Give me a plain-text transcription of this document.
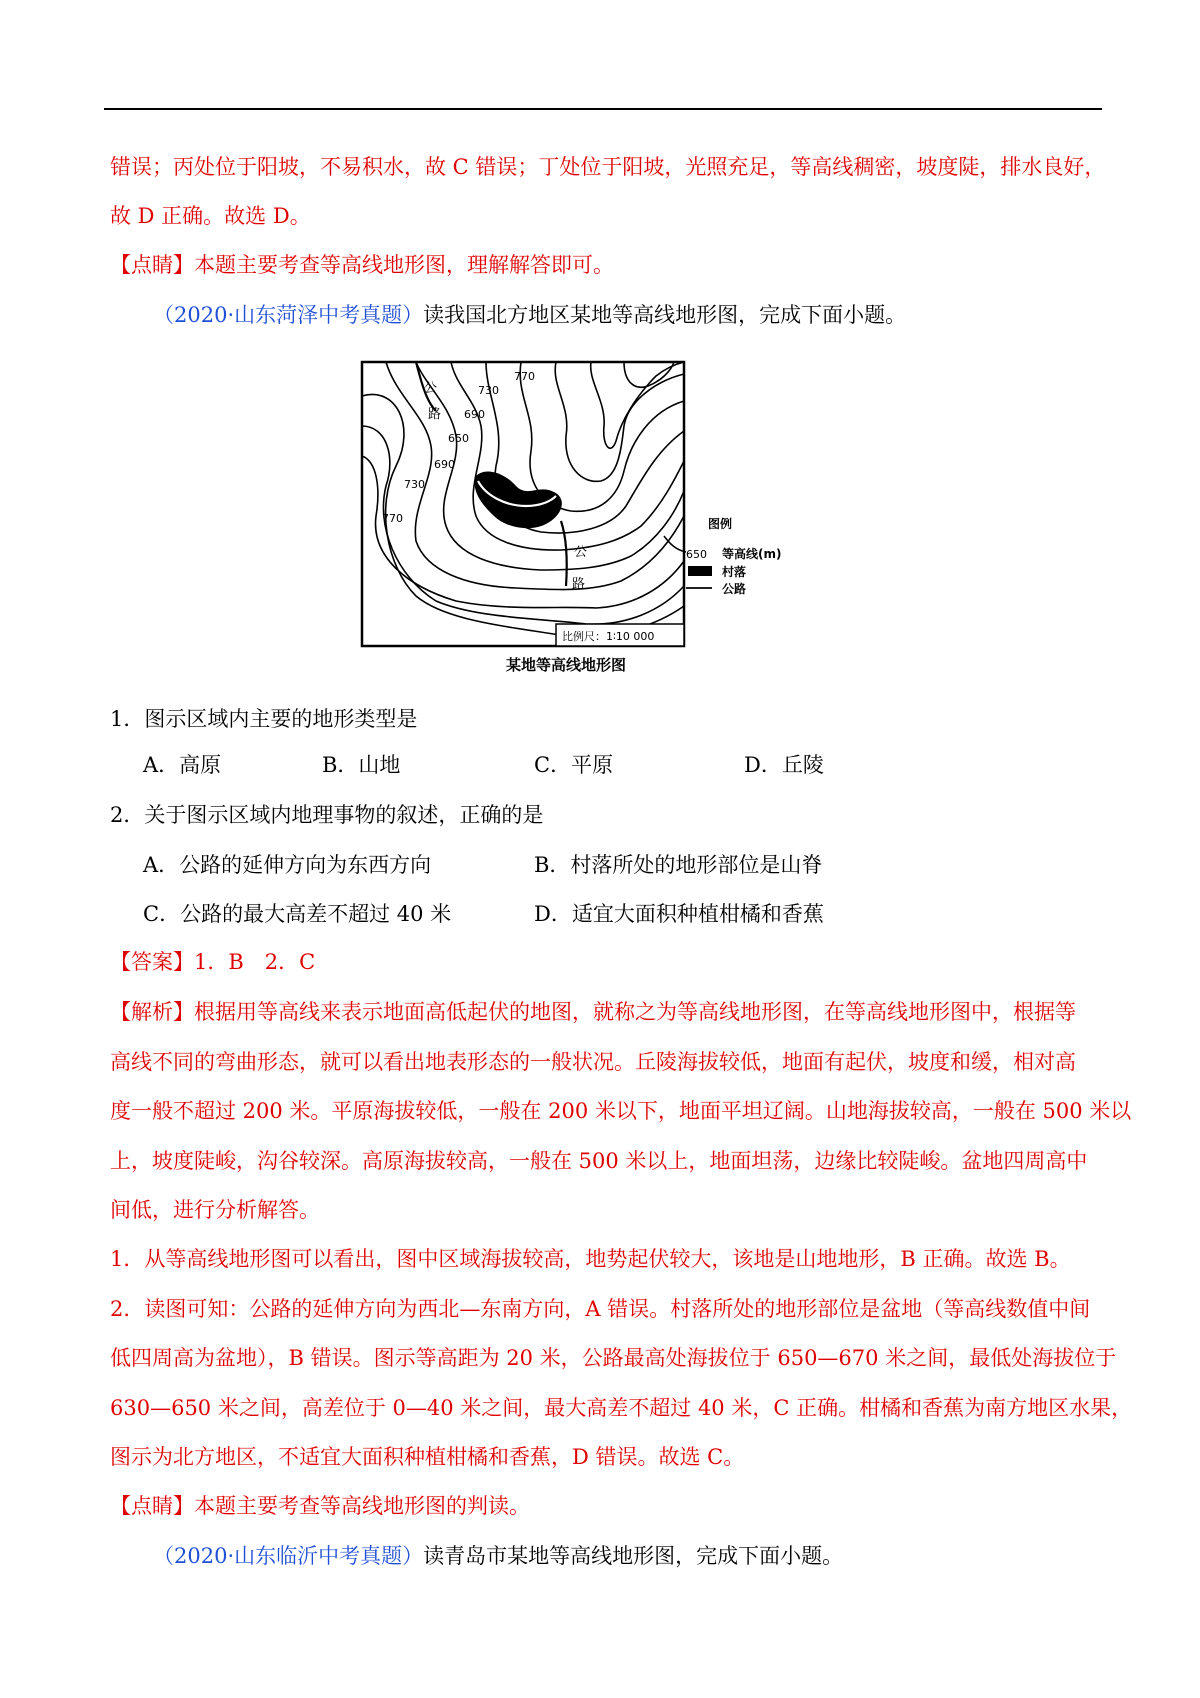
错误；丙处位于阳坡，不易积水，故 C 错误；丁处位于阳坡，光照充足，等高线稠密，坡度陡，排水良好，
故 D 正确。故选 D。
【点睛】本题主要考查等高线地形图，理解解答即可。
（2020·山东菏泽中考真题）读我国北方地区某地等高线地形图，完成下面小题。
770
730
690
650
690
730
770
公
路
公
路
比例尺：1∶10 000
某地等高线地形图
图例
650 等高线(m)
村落
公路
1．图示区域内主要的地形类型是
A．高原	B．山地	C．平原	D．丘陵
2．关于图示区域内地理事物的叙述，正确的是
A．公路的延伸方向为东西方向	B．村落所处的地形部位是山脊
C．公路的最大高差不超过 40 米	D．适宜大面积种植柑橘和香蕉
【答案】1．B　2．C
【解析】根据用等高线来表示地面高低起伏的地图，就称之为等高线地形图，在等高线地形图中，根据等
高线不同的弯曲形态，就可以看出地表形态的一般状况。丘陵海拔较低，地面有起伏，坡度和缓，相对高
度一般不超过 200 米。平原海拔较低，一般在 200 米以下，地面平坦辽阔。山地海拔较高，一般在 500 米以
上，坡度陡峻，沟谷较深。高原海拔较高，一般在 500 米以上，地面坦荡，边缘比较陡峻。盆地四周高中
间低，进行分析解答。
1．从等高线地形图可以看出，图中区域海拔较高，地势起伏较大，该地是山地地形，B 正确。故选 B。
2．读图可知：公路的延伸方向为西北—东南方向，A 错误。村落所处的地形部位是盆地（等高线数值中间
低四周高为盆地），B 错误。图示等高距为 20 米，公路最高处海拔位于 650—670 米之间，最低处海拔位于
630—650 米之间，高差位于 0—40 米之间，最大高差不超过 40 米，C 正确。柑橘和香蕉为南方地区水果，
图示为北方地区，不适宜大面积种植柑橘和香蕉，D 错误。故选 C。
【点睛】本题主要考查等高线地形图的判读。
（2020·山东临沂中考真题）读青岛市某地等高线地形图，完成下面小题。
